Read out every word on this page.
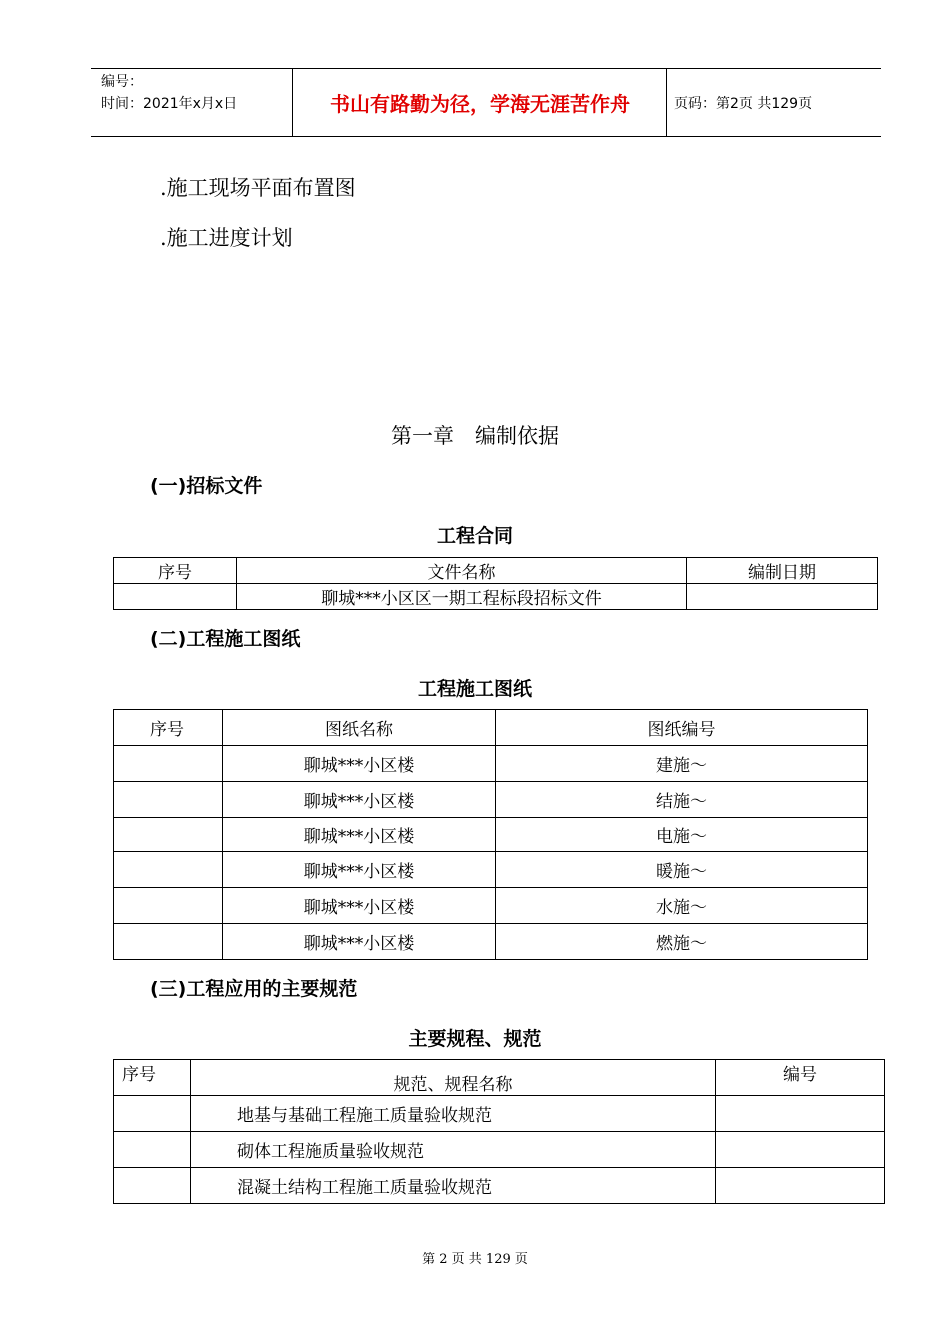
编号：
时间：2021年x月x日	书山有路勤为径，学海无涯苦作舟	页码：第2页 共129页
.施工现场平面布置图
.施工进度计划
第一章　编制依据
(一)招标文件
工程合同
序号	文件名称	编制日期
	聊城***小区区一期工程标段招标文件	
(二)工程施工图纸
工程施工图纸
序号	图纸名称	图纸编号
	聊城***小区楼	建施～
	聊城***小区楼	结施～
	聊城***小区楼	电施～
	聊城***小区楼	暖施～
	聊城***小区楼	水施～
	聊城***小区楼	燃施～
(三)工程应用的主要规范
主要规程、规范
序号	规范、规程名称	编号
	地基与基础工程施工质量验收规范	
	砌体工程施质量验收规范	
	混凝土结构工程施工质量验收规范	
第 2 页 共 129 页
